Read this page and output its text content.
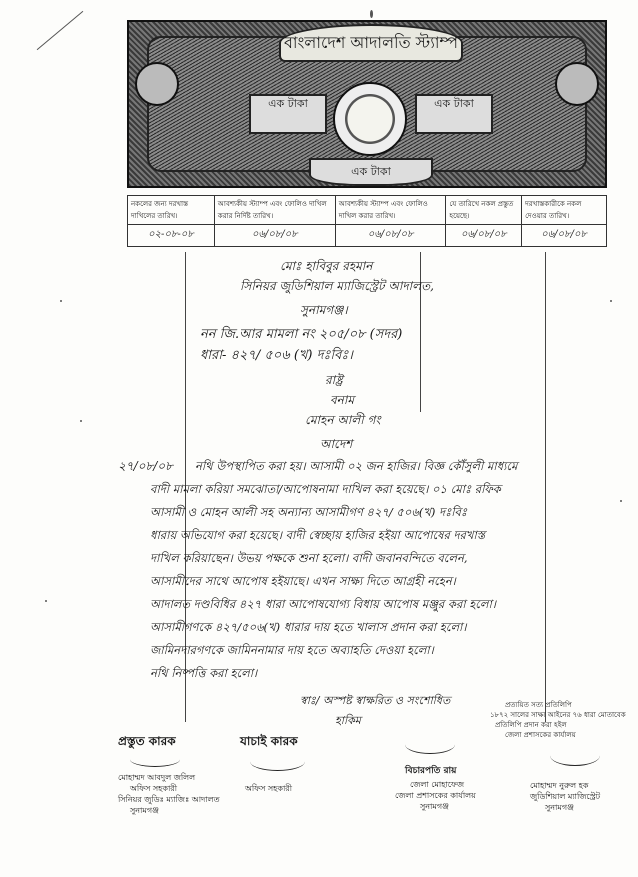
বাংলাদেশ আদালতি স্ট্যাম্প
এক টাকা	এক টাকা
এক টাকা
নকলের জন্য দরখাস্ত দাখিলের তারিখ।	আবশ্যকীয় স্ট্যাম্প এবং ফোলিও দাখিল করার নির্দিষ্ট তারিখ।	আবশ্যকীয় স্ট্যাম্প এবং ফোলিও দাখিল করার তারিখ।	যে তারিখে নকল প্রস্তুত হয়েছে।	দরখাস্তকারীকে নকল দেওয়ার তারিখ।
০২-০৮-০৮	০৬/০৮/০৮	০৬/০৮/০৮	০৬/০৮/০৮	০৬/০৮/০৮
মোঃ হাবিবুর রহমান
সিনিয়র জুডিশিয়াল ম্যাজিস্ট্রেট আদালত,
সুনামগঞ্জ।
নন জি.আর মামলা নং ২০৫/০৮ (সদর)
ধারা- ৪২৭/ ৫০৬ (খ) দঃবিঃ।
রাষ্ট্র
বনাম
মোহন আলী গং
আদেশ
২৭/০৮/০৮ নথি উপস্থাপিত করা হয়। আসামী ০২ জন হাজির। বিজ্ঞ কৌঁসুলী মাধ্যমে
বাদী মামলা করিয়া সমঝোতা/আপোষনামা দাখিল করা হয়েছে। ০১ মোঃ রফিক
আসামী ও মোহন আলী সহ অন্যান্য আসামীগণ ৪২৭/ ৫০৬(খ) দঃবিঃ
ধারায় অভিযোগ করা হয়েছে। বাদী স্বেচ্ছায় হাজির হইয়া আপোষের দরখাস্ত
দাখিল করিয়াছেন। উভয় পক্ষকে শুনা হলো। বাদী জবানবন্দিতে বলেন,
আসামীদের সাথে আপোষ হইয়াছে। এখন সাক্ষ্য দিতে আগ্রহী নহেন।
আদালত দণ্ডবিধির ৪২৭ ধারা আপোষযোগ্য বিধায় আপোষ মঞ্জুর করা হলো।
আসামীগণকে ৪২৭/৫০৬(খ) ধারার দায় হতে খালাস প্রদান করা হলো।
জামিনদারগণকে জামিননামার দায় হতে অব্যাহতি দেওয়া হলো।
নথি নিষ্পত্তি করা হলো।
স্বাঃ/ অস্পষ্ট স্বাক্ষরিত ও সংশোধিত
হাকিম
প্রস্তুত কারক
মোহাম্মদ আবদুল জলিল
অফিস সহকারী
সিনিয়র জুডিঃ ম্যাজিঃ আদালত
সুনামগঞ্জ
যাচাই কারক
অফিস সহকারী
বিচারপতি রায়
জেলা মোহাফেজ
জেলা প্রশাসকের কার্যালয়
সুনামগঞ্জ
প্রত্যয়িত সত্য প্রতিলিপি
১৮৭২ সালের সাক্ষ্য আইনের ৭৬ ধারা মোতাবেক
প্রতিলিপি প্রদান করা হইল
জেলা প্রশাসকের কার্যালয়
মোহাম্মদ নুরুল হক
জুডিশিয়াল ম্যাজিস্ট্রেট
সুনামগঞ্জ
